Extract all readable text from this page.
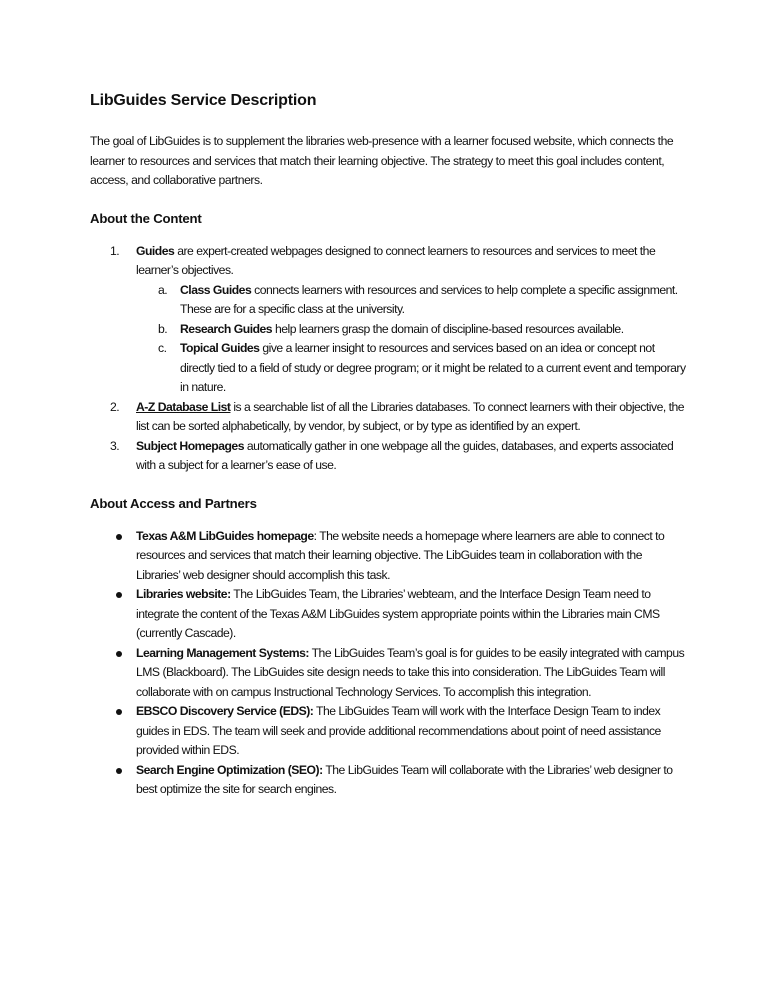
LibGuides Service Description

The goal of LibGuides is to supplement the libraries web-presence with a learner focused website, which connects the learner to resources and services that match their learning objective. The strategy to meet this goal includes content, access, and collaborative partners.

About the Content
1. Guides are expert-created webpages designed to connect learners to resources and services to meet the learner’s objectives.
a. Class Guides connects learners with resources and services to help complete a specific assignment. These are for a specific class at the university.
b. Research Guides help learners grasp the domain of discipline-based resources available.
c. Topical Guides give a learner insight to resources and services based on an idea or concept not directly tied to a field of study or degree program; or it might be related to a current event and temporary in nature.
2. A-Z Database List is a searchable list of all the Libraries databases. To connect learners with their objective, the list can be sorted alphabetically, by vendor, by subject, or by type as identified by an expert.
3. Subject Homepages automatically gather in one webpage all the guides, databases, and experts associated with a subject for a learner’s ease of use.
About Access and Partners
Texas A&M LibGuides homepage: The website needs a homepage where learners are able to connect to resources and services that match their learning objective. The LibGuides team in collaboration with the Libraries’ web designer should accomplish this task.
Libraries website: The LibGuides Team, the Libraries’ webteam, and the Interface Design Team need to integrate the content of the Texas A&M LibGuides system appropriate points within the Libraries main CMS (currently Cascade).
Learning Management Systems: The LibGuides Team’s goal is for guides to be easily integrated with campus LMS (Blackboard). The LibGuides site design needs to take this into consideration. The LibGuides Team will collaborate with on campus Instructional Technology Services. To accomplish this integration.
EBSCO Discovery Service (EDS): The LibGuides Team will work with the Interface Design Team to index guides in EDS. The team will seek and provide additional recommendations about point of need assistance provided within EDS.
Search Engine Optimization (SEO): The LibGuides Team will collaborate with the Libraries’ web designer to best optimize the site for search engines.
